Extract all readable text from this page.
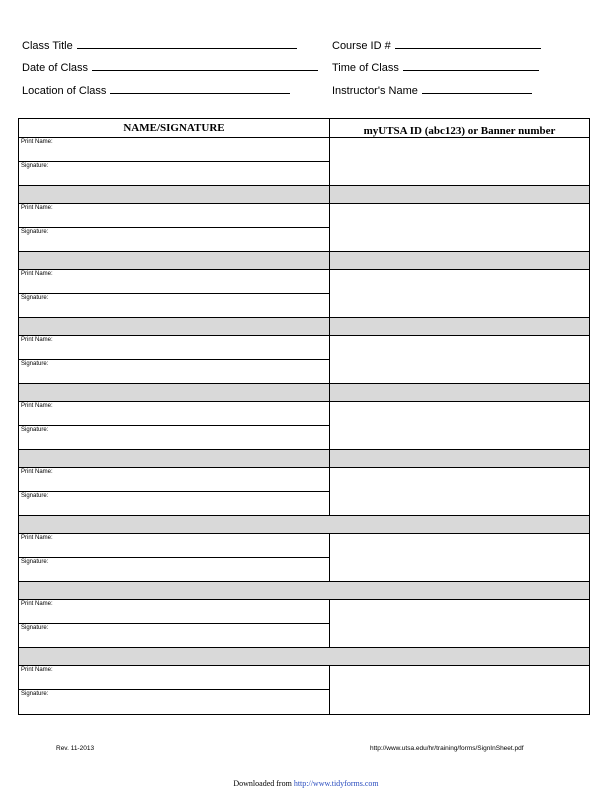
Class Title	Course ID #
Date of Class	Time of Class
Location of Class	Instructor's Name
NAME/SIGNATURE	myUTSA ID (abc123) or Banner number
Print Name:
Signature:
Print Name:
Signature:
Print Name:
Signature:
Print Name:
Signature:
Print Name:
Signature:
Print Name:
Signature:
Print Name:
Signature:
Print Name:
Signature:
Print Name:
Signature:
Rev. 11-2013	http://www.utsa.edu/hr/training/forms/SignInSheet.pdf
Downloaded from http://www.tidyforms.com
